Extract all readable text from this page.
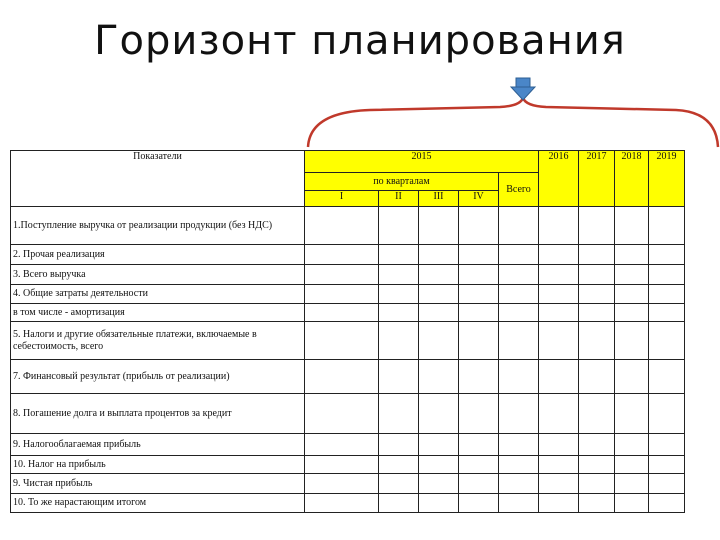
Горизонт планирования
Показатели	2015					2016	2017	2018	2019
	по кварталам				Всего				
	I	II	III	IV					
1.Поступление выручка от реализации продукции (без НДС)									
2. Прочая реализация									
3. Всего выручка									
4. Общие затраты деятельности									
в том числе - амортизация									
5. Налоги и другие обязательные платежи, включаемые в себестоимость, всего									
7. Финансовый результат (прибыль от реализации)									
8. Погашение долга и выплата процентов за кредит									
9. Налогооблагаемая прибыль									
10. Налог на прибыль									
9. Чистая прибыль									
10. То же нарастающим итогом									
